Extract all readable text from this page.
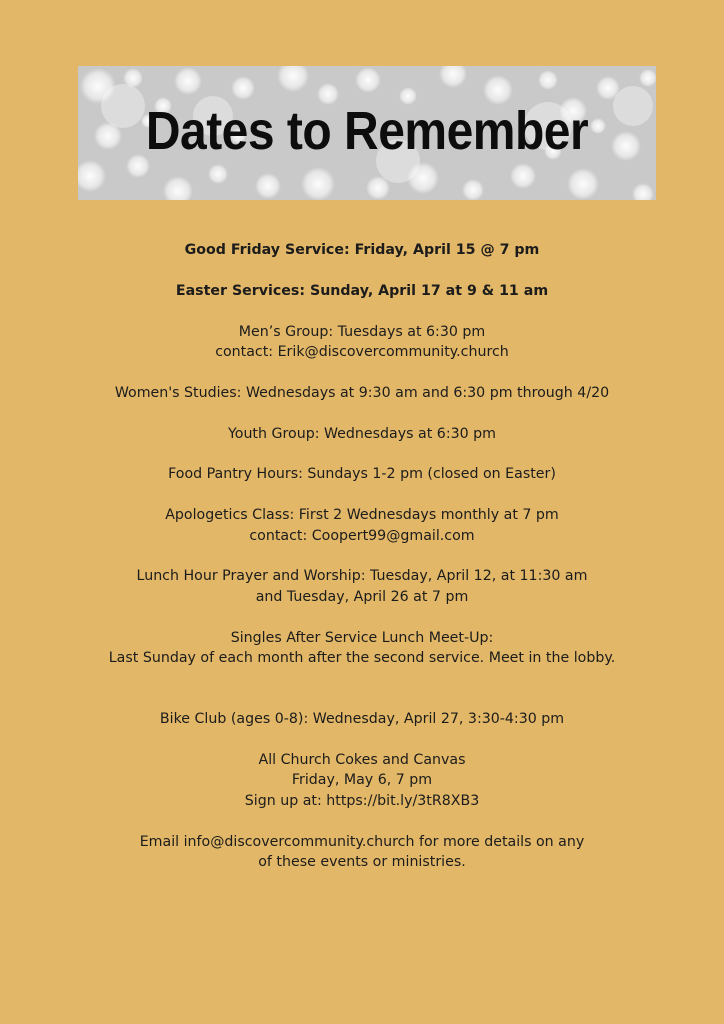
Dates to Remember
Good Friday Service: Friday, April 15 @ 7 pm
Easter Services: Sunday, April 17 at 9 & 11 am
Men’s Group: Tuesdays at 6:30 pm
contact: Erik@discovercommunity.church
Women's Studies: Wednesdays at 9:30 am and 6:30 pm through 4/20
Youth Group: Wednesdays at 6:30 pm
Food Pantry Hours: Sundays 1-2 pm (closed on Easter)
Apologetics Class: First 2 Wednesdays monthly at 7 pm
contact: Coopert99@gmail.com
Lunch Hour Prayer and Worship: Tuesday, April 12, at 11:30 am
and Tuesday, April 26 at 7 pm
Singles After Service Lunch Meet-Up:
Last Sunday of each month after the second service. Meet in the lobby.
Bike Club (ages 0-8): Wednesday, April 27, 3:30-4:30 pm
All Church Cokes and Canvas
Friday, May 6, 7 pm
Sign up at: https://bit.ly/3tR8XB3
Email info@discovercommunity.church for more details on any
of these events or ministries.
